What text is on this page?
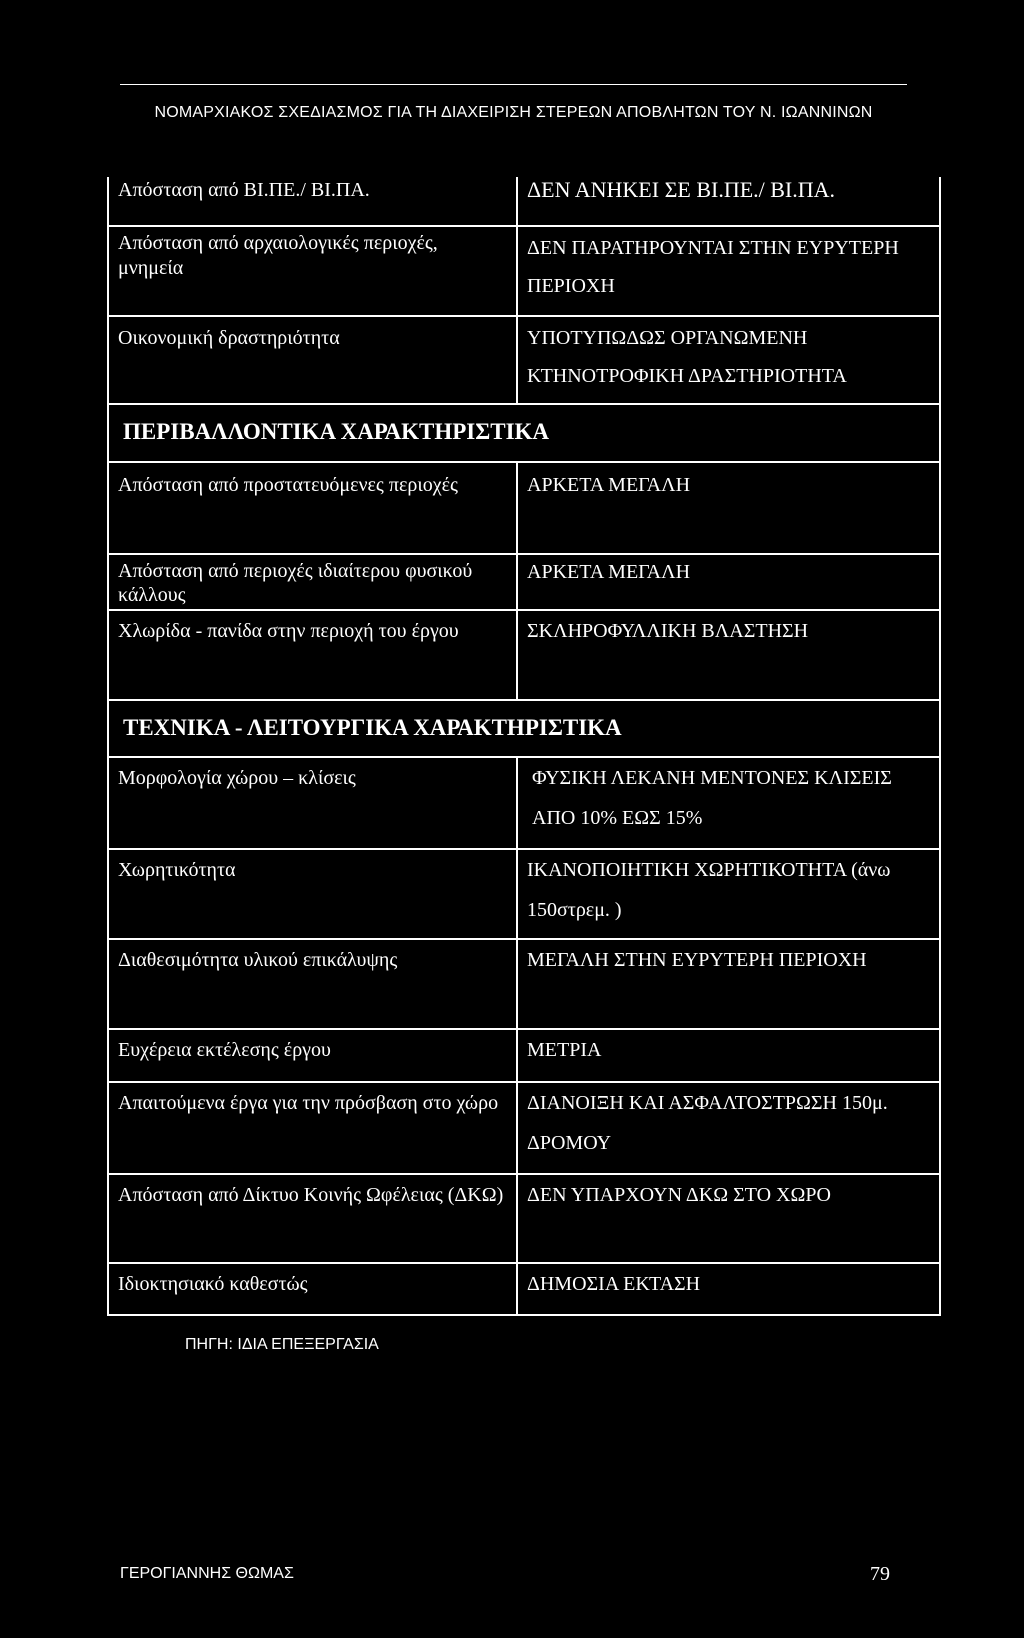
ΝΟΜΑΡΧΙΑΚΟΣ ΣΧΕΔΙΑΣΜΟΣ ΓΙΑ ΤΗ ΔΙΑΧΕΙΡΙΣΗ ΣΤΕΡΕΩΝ ΑΠΟΒΛΗΤΩΝ ΤΟΥ Ν. ΙΩΑΝΝΙΝΩΝ
Απόσταση από ΒΙ.ΠΕ./ ΒΙ.ΠΑ.	ΔΕΝ ΑΝΗΚΕΙ ΣΕ ΒΙ.ΠΕ./ ΒΙ.ΠΑ.
Απόσταση από αρχαιολογικές περιοχές, μνημεία	ΔΕΝ ΠΑΡΑΤΗΡΟΥΝΤΑΙ ΣΤΗΝ ΕΥΡΥΤΕΡΗ ΠΕΡΙΟΧΗ
Οικονομική δραστηριότητα	ΥΠΟΤΥΠΩΔΩΣ ΟΡΓΑΝΩΜΕΝΗ ΚΤΗΝΟΤΡΟΦΙΚΗ ΔΡΑΣΤΗΡΙΟΤΗΤΑ
ΠΕΡΙΒΑΛΛΟΝΤΙΚΑ ΧΑΡΑΚΤΗΡΙΣΤΙΚΑ	
Απόσταση από προστατευόμενες περιοχές	ΑΡΚΕΤΑ ΜΕΓΑΛΗ
Απόσταση από περιοχές ιδιαίτερου φυσικού κάλλους	ΑΡΚΕΤΑ ΜΕΓΑΛΗ
Χλωρίδα - πανίδα στην περιοχή του έργου	ΣΚΛΗΡΟΦΥΛΛΙΚΗ ΒΛΑΣΤΗΣΗ
ΤΕΧΝΙΚΑ - ΛΕΙΤΟΥΡΓΙΚΑ ΧΑΡΑΚΤΗΡΙΣΤΙΚΑ	
Μορφολογία χώρου – κλίσεις	ΦΥΣΙΚΗ ΛΕΚΑΝΗ ΜΕΝΤΟΝΕΣ ΚΛΙΣΕΙΣ ΑΠΟ 10% ΕΩΣ 15%
Χωρητικότητα	ΙΚΑΝΟΠΟΙΗΤΙΚΗ ΧΩΡΗΤΙΚΟΤΗΤΑ (άνω 150στρεμ. )
Διαθεσιμότητα υλικού επικάλυψης	ΜΕΓΑΛΗ ΣΤΗΝ ΕΥΡΥΤΕΡΗ ΠΕΡΙΟΧΗ
Ευχέρεια εκτέλεσης έργου	ΜΕΤΡΙΑ
Απαιτούμενα έργα για την πρόσβαση στο χώρο	ΔΙΑΝΟΙΞΗ ΚΑΙ ΑΣΦΑΛΤΟΣΤΡΩΣΗ 150μ. ΔΡΟΜΟΥ
Απόσταση από Δίκτυο Κοινής Ωφέλειας (ΔΚΩ)	ΔΕΝ ΥΠΑΡΧΟΥΝ ΔΚΩ ΣΤΟ ΧΩΡΟ
Ιδιοκτησιακό καθεστώς	ΔΗΜΟΣΙΑ ΕΚΤΑΣΗ
ΠΗΓΗ: ΙΔΙΑ ΕΠΕΞΕΡΓΑΣΙΑ
ΓΕΡΟΓΙΑΝΝΗΣ ΘΩΜΑΣ	79
